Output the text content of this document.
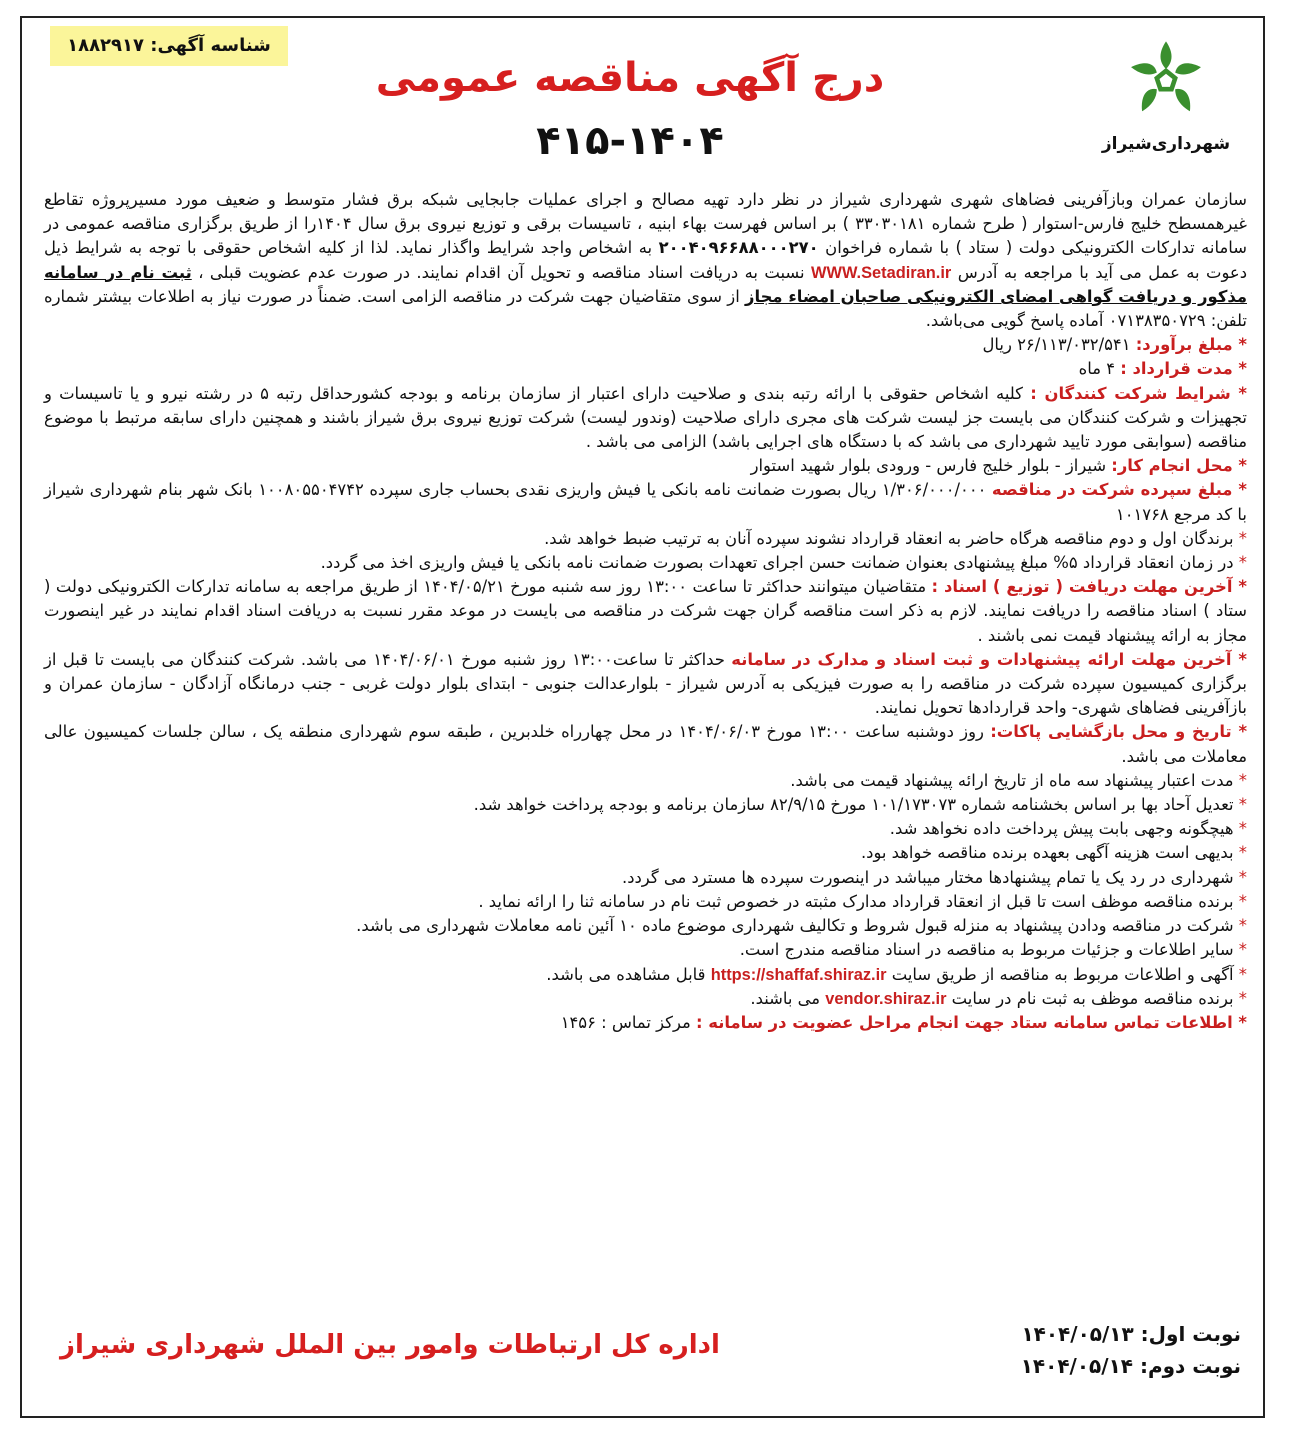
شناسه آگهی: ۱۸۸۲۹۱۷
درج آگهی مناقصه عمومی
۴۱۵-۱۴۰۴	شهرداری‌شیراز

سازمان عمران وبازآفرینی فضاهای شهری شهرداری شیراز در نظر دارد تهیه مصالح و اجرای عملیات جابجایی شبکه برق فشار متوسط و ضعیف مورد مسیرپروژه تقاطع غیرهمسطح خلیج فارس-استوار ( طرح شماره ۳۳۰۳۰۱۸۱ ) بر اساس فهرست بهاء ابنیه ، تاسیسات برقی و توزیع نیروی برق سال ۱۴۰۴را از طریق برگزاری مناقصه عمومی در سامانه تدارکات الکترونیکی دولت ( ستاد ) با شماره فراخوان ۲۰۰۴۰۹۶۶۸۸۰۰۰۲۷۰ به اشخاص واجد شرایط واگذار نماید. لذا از کلیه اشخاص حقوقی با توجه به شرایط ذیل دعوت به عمل می آید با مراجعه به آدرس WWW.Setadiran.ir نسبت به دریافت اسناد مناقصه و تحویل آن اقدام نمایند. در صورت عدم عضویت قبلی ، ثبت نام در سامانه مذکور و دریافت گواهی امضای الکترونیکی صاحبان امضاء مجاز از سوی متقاضیان جهت شرکت در مناقصه الزامی است. ضمناً در صورت نیاز به اطلاعات بیشتر شماره تلفن: ۰۷۱۳۸۳۵۰۷۲۹ آماده پاسخ گویی می‌باشد.

* مبلغ برآورد: ۲۶/۱۱۳/۰۳۲/۵۴۱ ریال

* مدت قرارداد : ۴ ماه

* شرایط شرکت کنندگان : کلیه اشخاص حقوقی با ارائه رتبه بندی و صلاحیت دارای اعتبار از سازمان برنامه و بودجه کشورحداقل رتبه ۵ در رشته نیرو و یا تاسیسات و تجهیزات و شرکت کنندگان می بایست جز لیست شرکت های مجری دارای صلاحیت (وندور لیست) شرکت توزیع نیروی برق شیراز باشند و همچنین دارای سابقه مرتبط با موضوع مناقصه (سوابقی مورد تایید شهرداری می باشد که با دستگاه های اجرایی باشد) الزامی می باشد .

* محل انجام کار: شیراز - بلوار خلیج فارس - ورودی بلوار شهید استوار

* مبلغ سپرده شرکت در مناقصه ۱/۳۰۶/۰۰۰/۰۰۰ ریال بصورت ضمانت نامه بانکی یا فیش واریزی نقدی بحساب جاری سپرده ۱۰۰۸۰۵۵۰۴۷۴۲ بانک شهر بنام شهرداری شیراز با کد مرجع ۱۰۱۷۶۸

* برندگان اول و دوم مناقصه هرگاه حاضر به انعقاد قرارداد نشوند سپرده آنان به ترتیب ضبط خواهد شد.

* در زمان انعقاد قرارداد ۵% مبلغ پیشنهادی بعنوان ضمانت حسن اجرای تعهدات بصورت ضمانت نامه بانکی یا فیش واریزی اخذ می گردد.

* آخرین مهلت دریافت ( توزیع ) اسناد : متقاضیان میتوانند حداکثر تا ساعت ۱۳:۰۰ روز سه شنبه مورخ ۱۴۰۴/۰۵/۲۱ از طریق مراجعه به سامانه تدارکات الکترونیکی دولت ( ستاد ) اسناد مناقصه را دریافت نمایند. لازم به ذکر است مناقصه گران جهت شرکت در مناقصه می بایست در موعد مقرر نسبت به دریافت اسناد اقدام نمایند در غیر اینصورت مجاز به ارائه پیشنهاد قیمت نمی باشند .

* آخرین مهلت ارائه پیشنهادات و ثبت اسناد و مدارک در سامانه حداکثر تا ساعت۱۳:۰۰ روز شنبه مورخ ۱۴۰۴/۰۶/۰۱ می باشد. شرکت کنندگان می بایست تا قبل از برگزاری کمیسیون سپرده شرکت در مناقصه را به صورت فیزیکی به آدرس شیراز - بلوارعدالت جنوبی - ابتدای بلوار دولت غربی - جنب درمانگاه آزادگان - سازمان عمران و بازآفرینی فضاهای شهری- واحد قراردادها تحویل نمایند.

* تاریخ و محل بازگشایی پاکات: روز دوشنبه ساعت ۱۳:۰۰ مورخ ۱۴۰۴/۰۶/۰۳ در محل چهارراه خلدبرین ، طبقه سوم شهرداری منطقه یک ، سالن جلسات کمیسیون عالی معاملات می باشد.

* مدت اعتبار پیشنهاد سه ماه از تاریخ ارائه پیشنهاد قیمت می باشد.

* تعدیل آحاد بها بر اساس بخشنامه شماره ۱۰۱/۱۷۳۰۷۳ مورخ ۸۲/۹/۱۵ سازمان برنامه و بودجه پرداخت خواهد شد.

* هیچگونه وجهی بابت پیش پرداخت داده نخواهد شد.

* بدیهی است هزینه آگهی بعهده برنده مناقصه خواهد بود.

* شهرداری در رد یک یا تمام پیشنهادها مختار میباشد در اینصورت سپرده ها مسترد می گردد.

* برنده مناقصه موظف است تا قبل از انعقاد قرارداد مدارک مثبته در خصوص ثبت نام در سامانه ثنا را ارائه نماید .

* شرکت در مناقصه ودادن پیشنهاد به منزله قبول شروط و تکالیف شهرداری موضوع ماده ۱۰ آئین نامه معاملات شهرداری می باشد.

* سایر اطلاعات و جزئیات مربوط به مناقصه در اسناد مناقصه مندرج است.

* آگهی و اطلاعات مربوط به مناقصه از طریق سایت https://shaffaf.shiraz.ir قابل مشاهده می باشد.

* برنده مناقصه موظف به ثبت نام در سایت vendor.shiraz.ir می باشند.

* اطلاعات تماس سامانه ستاد جهت انجام مراحل عضویت در سامانه : مرکز تماس : ۱۴۵۶

نوبت اول: ۱۴۰۴/۰۵/۱۳
نوبت دوم: ۱۴۰۴/۰۵/۱۴
اداره کل ارتباطات وامور بین الملل شهرداری شیراز
